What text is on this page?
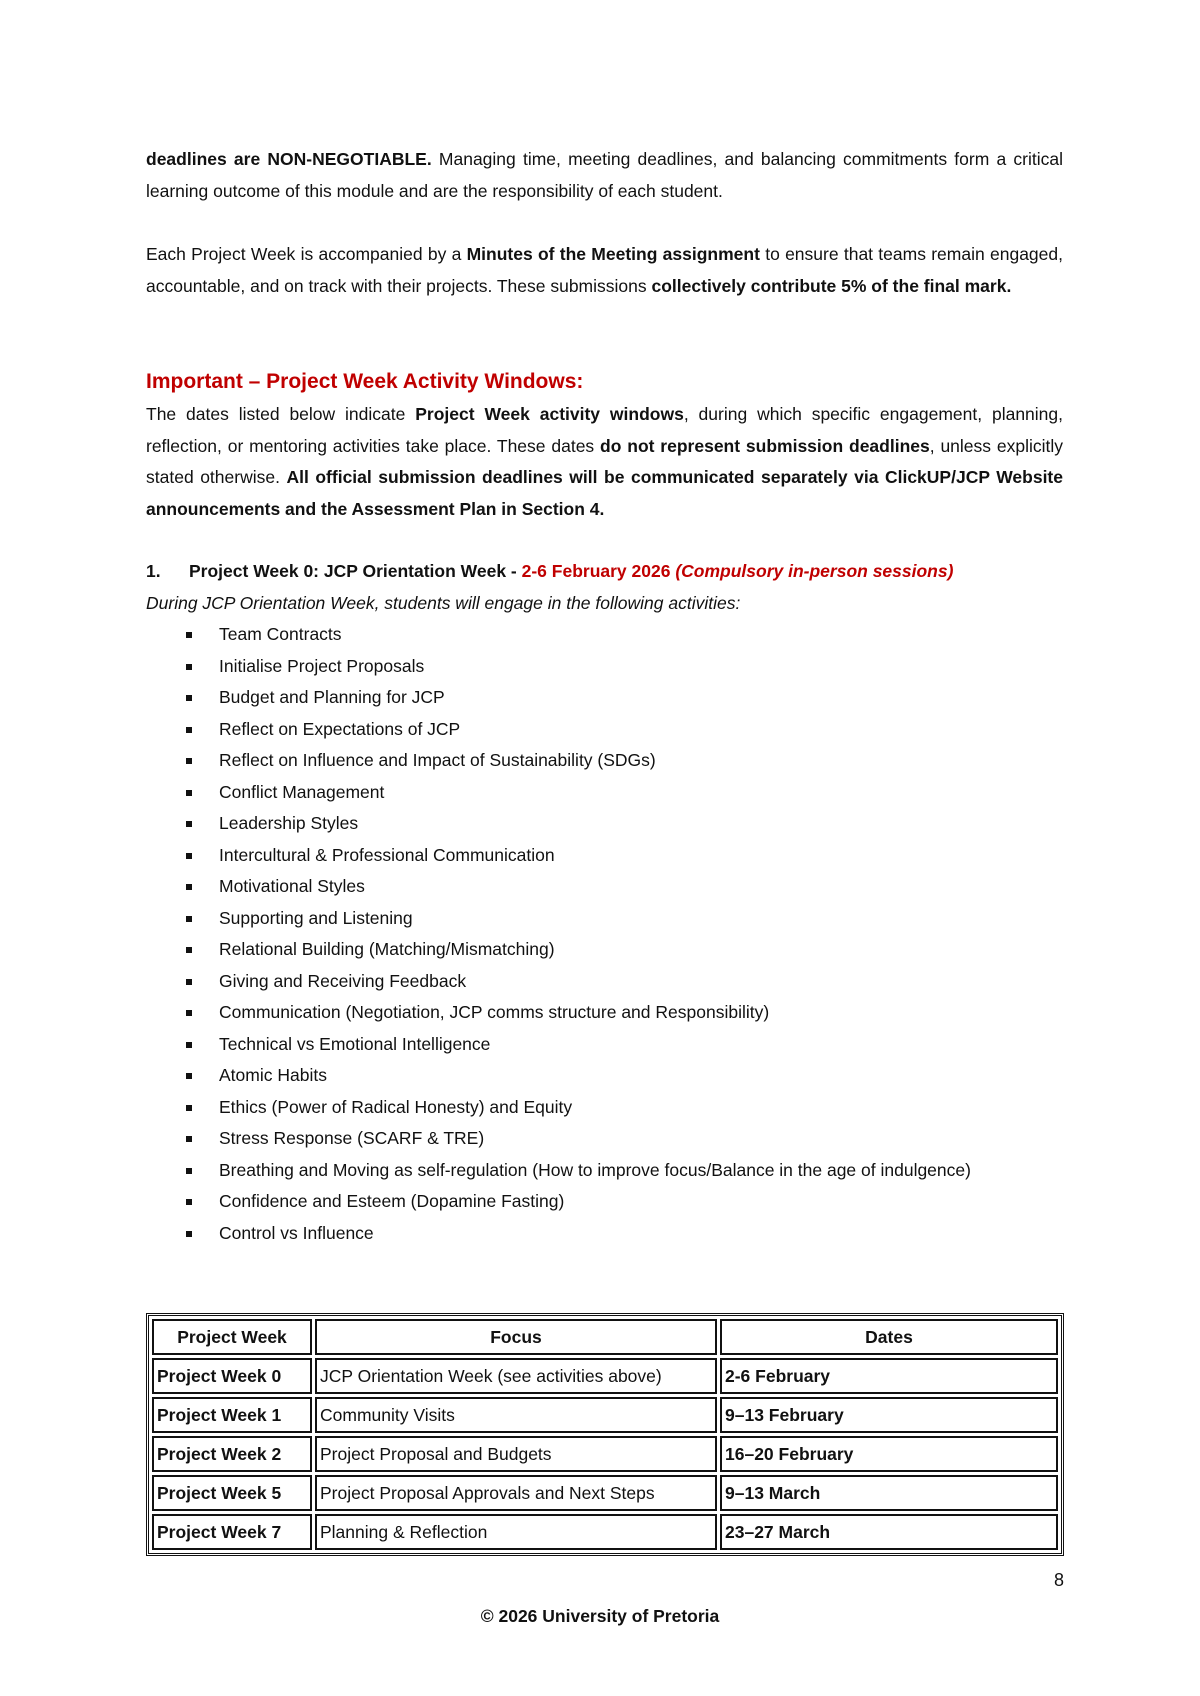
deadlines are NON-NEGOTIABLE. Managing time, meeting deadlines, and balancing commitments form a critical learning outcome of this module and are the responsibility of each student.
Each Project Week is accompanied by a Minutes of the Meeting assignment to ensure that teams remain engaged, accountable, and on track with their projects. These submissions collectively contribute 5% of the final mark.
Important – Project Week Activity Windows:
The dates listed below indicate Project Week activity windows, during which specific engagement, planning, reflection, or mentoring activities take place. These dates do not represent submission deadlines, unless explicitly stated otherwise. All official submission deadlines will be communicated separately via ClickUP/JCP Website announcements and the Assessment Plan in Section 4.
1. Project Week 0: JCP Orientation Week - 2-6 February 2026 (Compulsory in-person sessions)
During JCP Orientation Week, students will engage in the following activities:
Team Contracts
Initialise Project Proposals
Budget and Planning for JCP
Reflect on Expectations of JCP
Reflect on Influence and Impact of Sustainability (SDGs)
Conflict Management
Leadership Styles
Intercultural & Professional Communication
Motivational Styles
Supporting and Listening
Relational Building (Matching/Mismatching)
Giving and Receiving Feedback
Communication (Negotiation, JCP comms structure and Responsibility)
Technical vs Emotional Intelligence
Atomic Habits
Ethics (Power of Radical Honesty) and Equity
Stress Response (SCARF & TRE)
Breathing and Moving as self-regulation (How to improve focus/Balance in the age of indulgence)
Confidence and Esteem (Dopamine Fasting)
Control vs Influence
Project Week	Focus	Dates
Project Week 0	JCP Orientation Week (see activities above)	2-6 February
Project Week 1	Community Visits	9–13 February
Project Week 2	Project Proposal and Budgets	16–20 February
Project Week 5	Project Proposal Approvals and Next Steps	9–13 March
Project Week 7	Planning & Reflection	23–27 March
8
© 2026 University of Pretoria
